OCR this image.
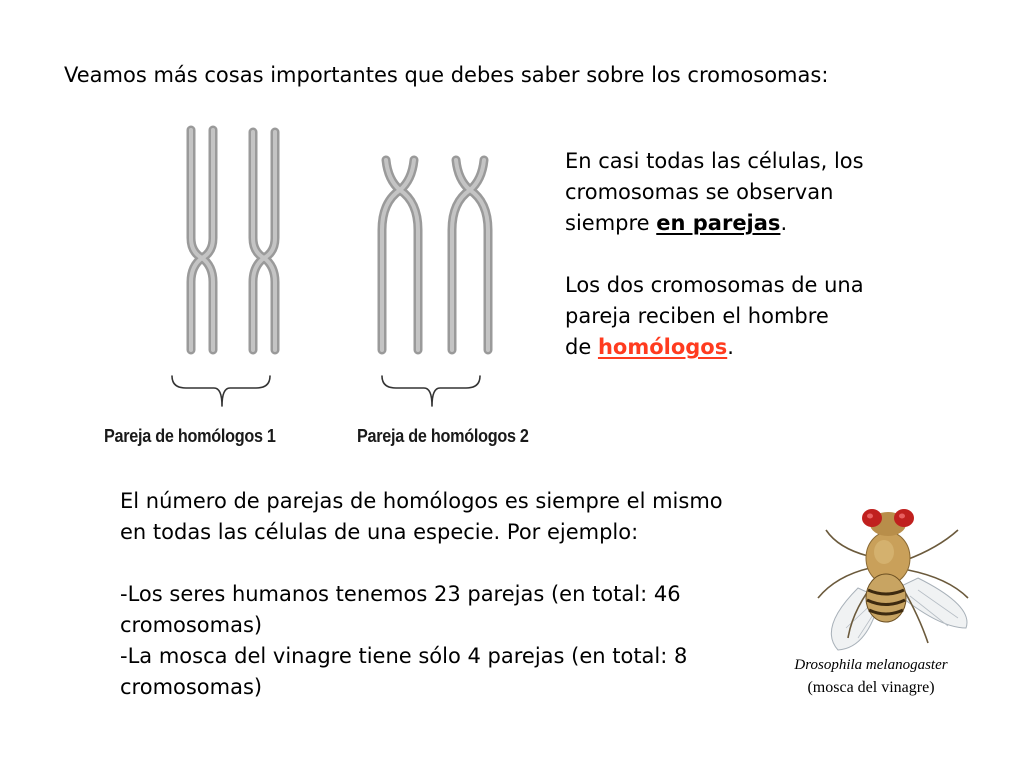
Veamos más cosas importantes que debes saber sobre los cromosomas:
Pareja de homólogos 1	Pareja de homólogos 2
En casi todas las células, los
cromosomas se observan
siempre en parejas.
Los dos cromosomas de una
pareja reciben el hombre
de homólogos.
El número de parejas de homólogos es siempre el mismo
en todas las células de una especie. Por ejemplo:
-Los seres humanos tenemos 23 parejas (en total: 46
cromosomas)
-La mosca del vinagre tiene sólo 4 parejas (en total: 8
cromosomas)
Drosophila melanogaster
(mosca del vinagre)
